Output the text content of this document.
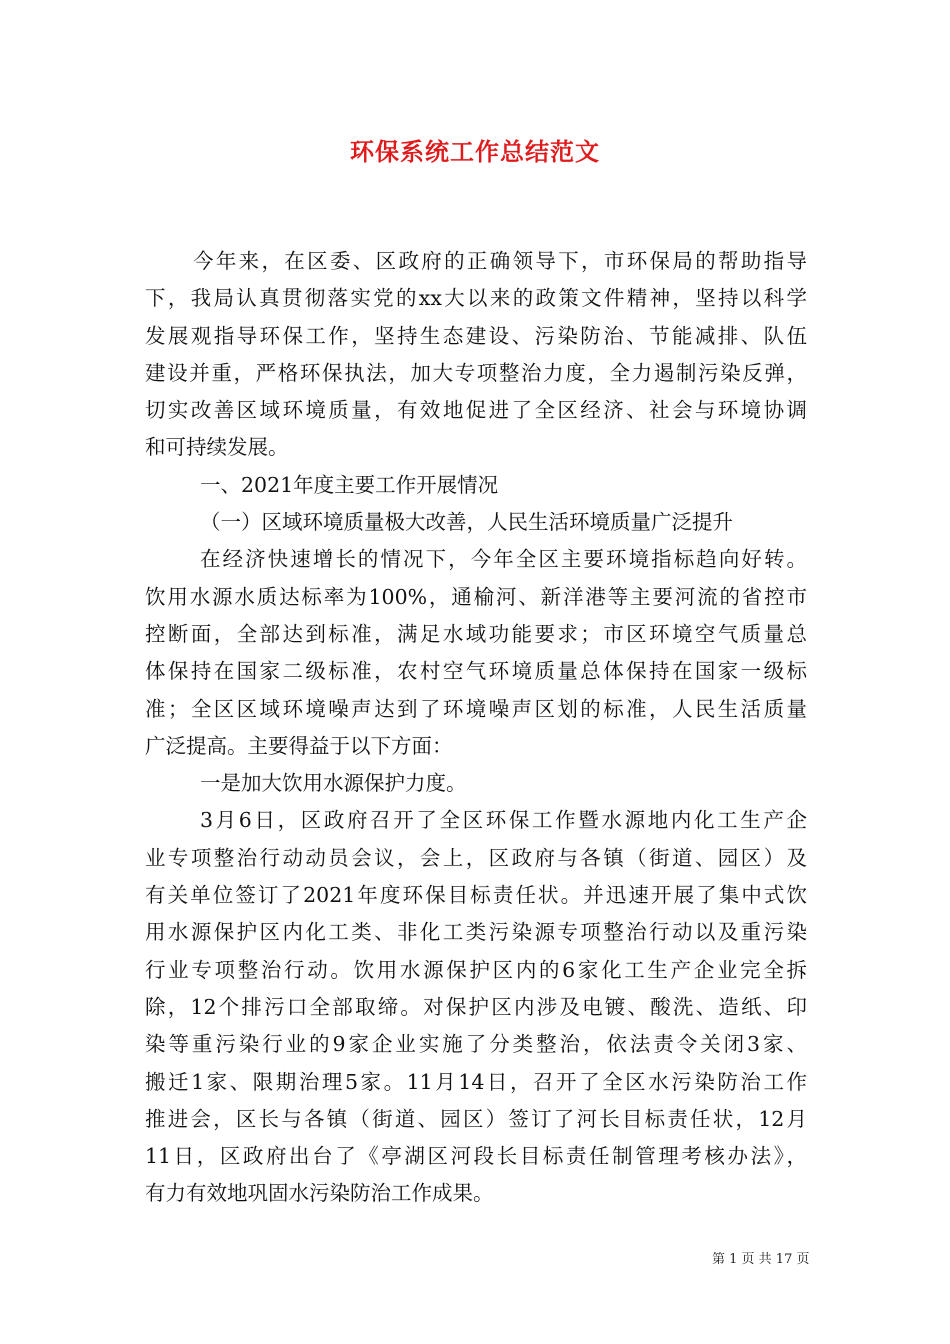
环保系统工作总结范文
今年来，在区委、区政府的正确领导下，市环保局的帮助指导
下，我局认真贯彻落实党的xx大以来的政策文件精神，坚持以科学
发展观指导环保工作，坚持生态建设、污染防治、节能减排、队伍
建设并重，严格环保执法，加大专项整治力度，全力遏制污染反弹，
切实改善区域环境质量，有效地促进了全区经济、社会与环境协调
和可持续发展。
一、2021年度主要工作开展情况
（一）区域环境质量极大改善，人民生活环境质量广泛提升
在经济快速增长的情况下，今年全区主要环境指标趋向好转。
饮用水源水质达标率为100%，通榆河、新洋港等主要河流的省控市
控断面，全部达到标准，满足水域功能要求；市区环境空气质量总
体保持在国家二级标准，农村空气环境质量总体保持在国家一级标
准；全区区域环境噪声达到了环境噪声区划的标准，人民生活质量
广泛提高。主要得益于以下方面：
一是加大饮用水源保护力度。
3月6日，区政府召开了全区环保工作暨水源地内化工生产企
业专项整治行动动员会议，会上，区政府与各镇（街道、园区）及
有关单位签订了2021年度环保目标责任状。并迅速开展了集中式饮
用水源保护区内化工类、非化工类污染源专项整治行动以及重污染
行业专项整治行动。饮用水源保护区内的6家化工生产企业完全拆
除，12个排污口全部取缔。对保护区内涉及电镀、酸洗、造纸、印
染等重污染行业的9家企业实施了分类整治，依法责令关闭3家、
搬迁1家、限期治理5家。11月14日，召开了全区水污染防治工作
推进会，区长与各镇（街道、园区）签订了河长目标责任状，12月
11日，区政府出台了《亭湖区河段长目标责任制管理考核办法》，
有力有效地巩固水污染防治工作成果。
第 1 页 共 17 页
